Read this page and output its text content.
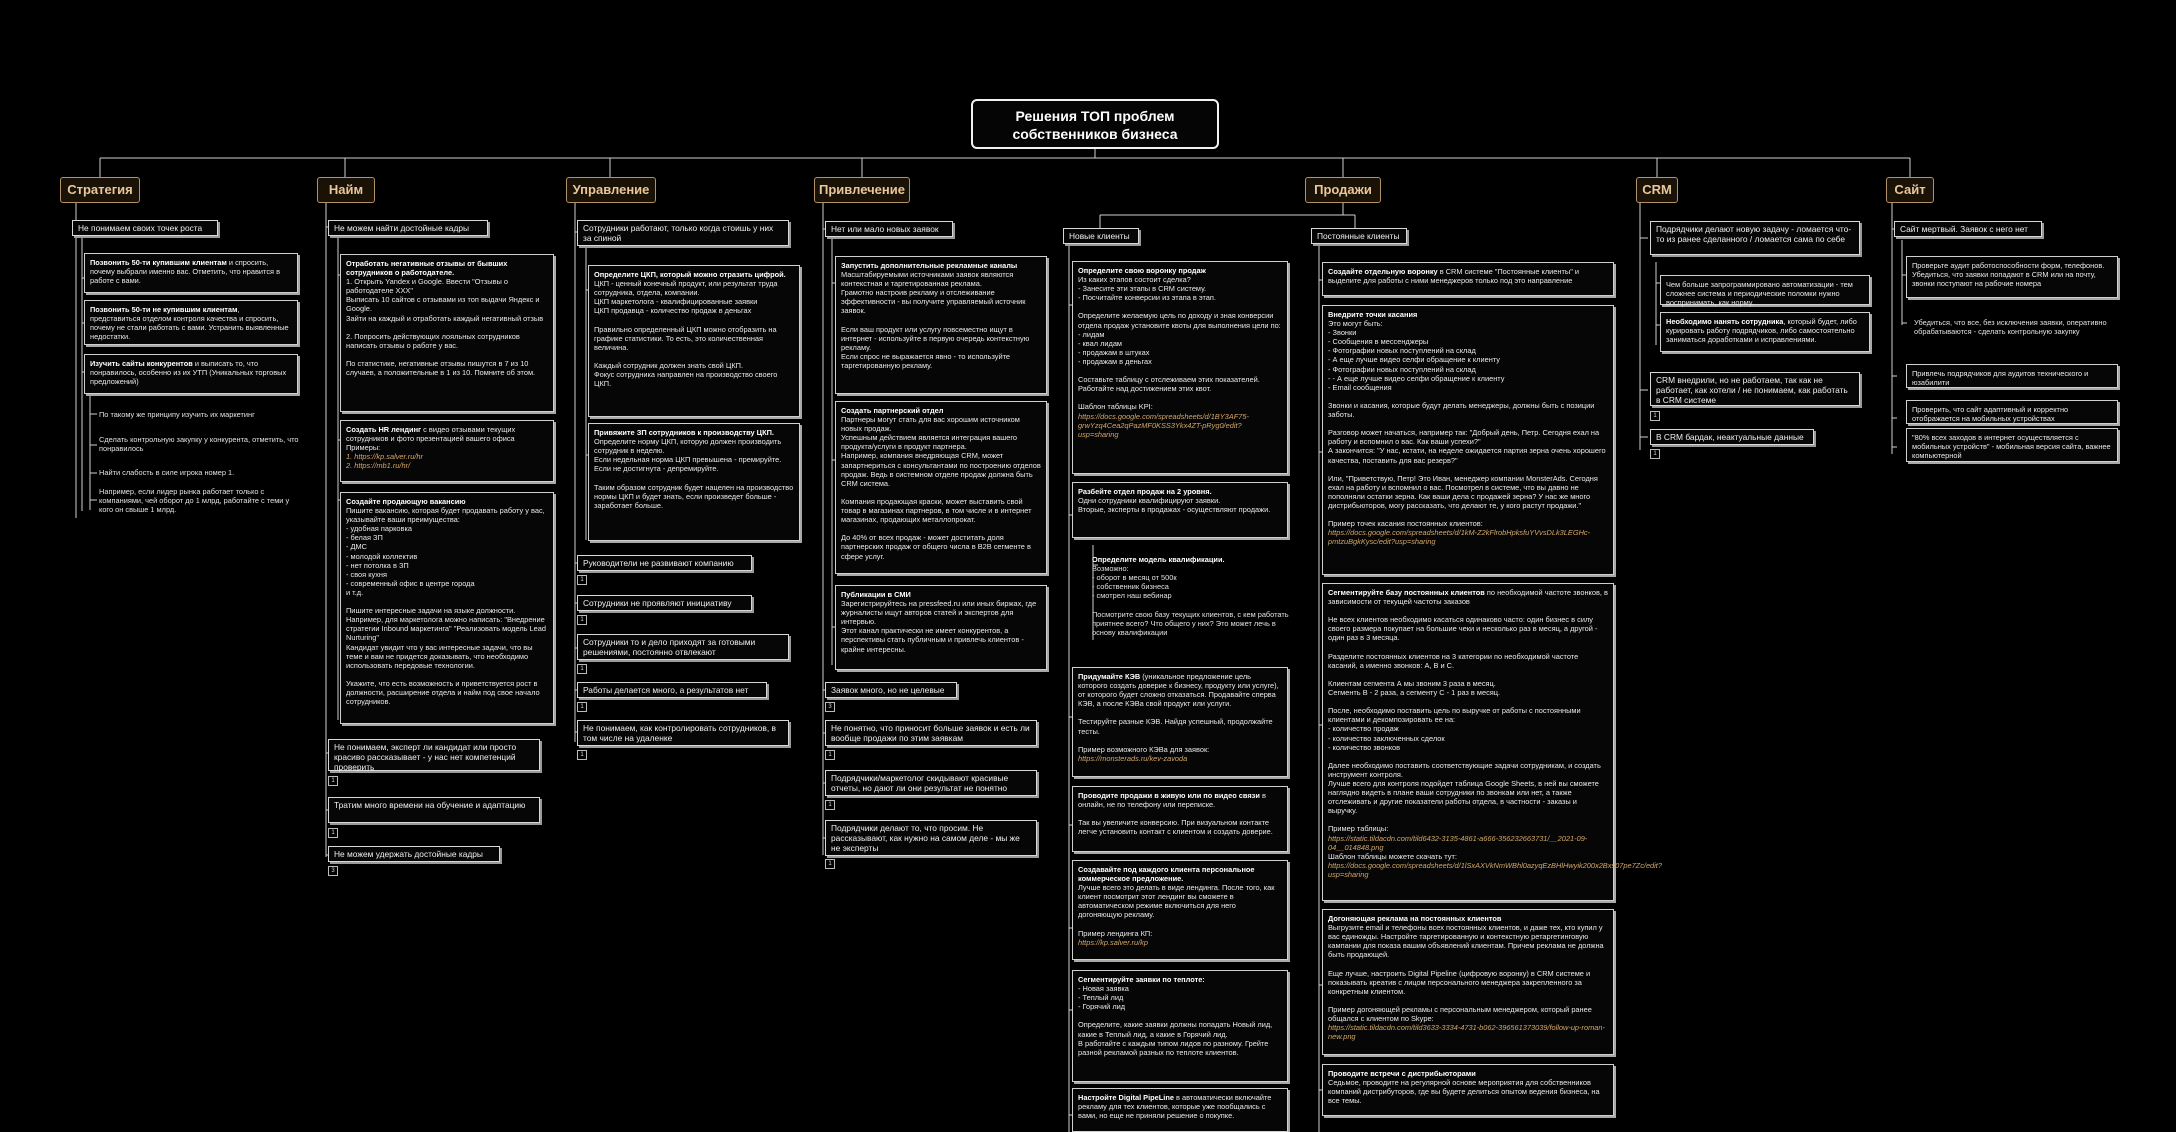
Решения ТОП проблем собственников бизнеса
Стратегия	Найм	Управление	Привлечение	Продажи	CRM	Сайт
Не понимаем своих точек роста
Позвонить 50-ти купившим клиентам и спросить, почему выбрали именно вас. Отметить, что нравится в работе с вами.
Позвонить 50-ти не купившим клиентам, представиться отделом контроля качества и спросить, почему не стали работать с вами. Устранить выявленные недостатки.
Изучить сайты конкурентов и выписать то, что понравилось, особенно из их УТП (Уникальных торговых предложений)
По такому же принципу изучить их маркетинг
Сделать контрольную закупку у конкурента, отметить, что понравилось
Найти слабость в силе игрока номер 1.
Например, если лидер рынка работает только с компаниями, чей оборот до 1 млрд, работайте с теми у кого он свыше 1 млрд.
Не можем найти достойные кадры
Отработать негативные отзывы от бывших сотрудников о работодателе.
1. Открыть Yandex и Google. Ввести "Отзывы о работодателе XXX"
Выписать 10 сайтов с отзывами из топ выдачи Яндекс и Google.
Зайти на каждый и отработать каждый негативный отзыв

2. Попросить действующих лояльных сотрудников написать отзывы о работе у вас.

По статистике, негативные отзывы пишутся в 7 из 10 случаев, а положительные в 1 из 10. Помните об этом.
Создать HR лендинг с видео отзывами текущих сотрудников и фото презентацией вашего офиса
Примеры:
1. https://kp.salver.ru/hr
2. https://mb1.ru/hr/
Создайте продающую вакансию
Пишите вакансию, которая будет продавать работу у вас, указывайте ваши преимущества:
- удобная парковка
- белая ЗП
- ДМС
- молодой коллектив
- нет потолка в ЗП
- своя кухня
- современный офис в центре города
и т.д.

Пишите интересные задачи на языке должности. Например, для маркетолога можно написать: "Внедрение стратегии Inbound маркетинга" "Реализовать модель Lead Nurturing"
Кандидат увидит что у вас интересные задачи, что вы теме и вам не придется доказывать, что необходимо использовать передовые технологии.

Укажите, что есть возможность и приветствуется рост в должности, расширение отдела и найм под свое начало сотрудников.
Не понимаем, эксперт ли кандидат или просто красиво рассказывает - у нас нет компетенций проверить
1
Тратим много времени на обучение и адаптацию
1
Не можем удержать достойные кадры
3
Сотрудники работают, только когда стоишь у них за спиной
Определите ЦКП, который можно отразить цифрой.
ЦКП - ценный конечный продукт, или результат труда сотрудника, отдела, компании.
ЦКП маркетолога - квалифицированные заявки
ЦКП продавца - количество продаж в деньгах

Правильно определенный ЦКП можно отобразить на графике статистики. То есть, это количественная величина.

Каждый сотрудник должен знать свой ЦКП.
Фокус сотрудника направлен на производство своего ЦКП.
Привяжите ЗП сотрудников к производству ЦКП.
Определите норму ЦКП, которую должен производить сотрудник в неделю.
Если недельная норма ЦКП превышена - премируйте.
Если не достигнута - депремируйте.

Таким образом сотрудник будет нацелен на производство нормы ЦКП и будет знать, если произведет больше - заработает больше.
Руководители не развивают компанию
1
Сотрудники не проявляют инициативу
1
Сотрудники то и дело приходят за готовыми решениями, постоянно отвлекают
1
Работы делается много, а результатов нет
1
Не понимаем, как контролировать сотрудников, в том числе на удаленке
1
Нет или мало новых заявок
Запустить дополнительные рекламные каналы
Масштабируемыми источниками заявок являются контекстная и таргетированная реклама.
Грамотно настроив рекламу и отслеживание эффективности - вы получите управляемый источник заявок.

Если ваш продукт или услугу повсеместно ищут в интернет - используйте в первую очередь контекстную рекламу.
Если спрос не выражается явно - то используйте таргетированную рекламу.
Создать партнерский отдел
Партнеры могут стать для вас хорошим источником новых продаж.
Успешным действием является интеграция вашего продукта/услуги в продукт партнера.
Например, компания внедряющая CRM, может запартнериться с консультантами по построению отделов продаж. Ведь в системном отделе продаж должна быть CRM система.

Компания продающая краски, может выставить свой товар в магазинах партнеров, в том числе и в интернет магазинах, продающих металлопрокат.

До 40% от всех продаж - может доститать доля партнерских продаж от общего числа в B2B сегменте в сфере услуг.
Публикации в СМИ
Зарегистрируйтесь на pressfeed.ru или иных биржах, где журналисты ищут авторов статей и экспертов для интервью.
Этот канал практически не имеет конкурентов, а перспективы стать публичным и привлечь клиентов - крайне интересны.
Заявок много, но не целевые
3
Не понятно, что приносит больше заявок и есть ли вообще продажи по этим заявкам
1
Подрядчики/маркетолог скидывают красивые отчеты, но дают ли они результат не понятно
1
Подрядчики делают то, что просим. Не рассказывают, как нужно на самом деле - мы же не эксперты
1
Новые клиенты
Определите свою воронку продаж
Из каких этапов состоит сделка?
- Занесите эти этапы в CRM систему.
- Посчитайте конверсии из этапа в этап.

Определите желаемую цель по доходу и зная конверсии отдела продаж установите квоты для выполнения цели по:
- лидам
- квал лидам
- продажам в штуках
- продажам в деньгах

Составьте таблицу с отслеживаем этих показателей. Работайте над достижением этих квот.

Шаблон таблицы KPI:
https://docs.google.com/spreadsheets/d/1BY3AF75-grwYzq4Cea2qPazMF0KSS3Ykx4ZT-pRyg0/edit?usp=sharing
Разбейте отдел продаж на 2 уровня.
Одни сотрудники квалифицируют заявки.
Вторые, эксперты в продажах - осуществляют продажи.
Определите модель квалификации.
Возможно:
- оборот в месяц от 500к
- собственник бизнеса
- смотрел наш вебинар

Посмотрите свою базу текущих клиентов, с кем работать приятнее всего? Что общего у них? Это может лечь в основу квалификации
Придумайте КЭВ (уникальное предложение цель которого создать доверие к бизнесу, продукту или услуге), от которого будет сложно отказаться. Продавайте сперва КЭВ, а после КЭВа свой продукт или услуги.

Тестируйте разные КЭВ. Найдя успешный, продолжайте тесты.

Пример возможного КЭВа для заявок:
https://monsterads.ru/kev-zavoda
Проводите продажи в живую или по видео связи в онлайн, не по телефону или переписке.

Так вы увеличите конверсию. При визуальном контакте легче установить контакт с клиентом и создать доверие.
Создавайте под каждого клиента персональное коммерческое предложение.
Лучше всего это делать в виде лендинга. После того, как клиент посмотрит этот лендинг вы сможете в автоматическом режиме включиться для него догоняющую рекламу.

Пример лендинга КП:
https://kp.salver.ru/kp
Сегментируйте заявки по теплоте:
- Новая заявка
- Теплый лид
- Горячий лид

Определите, какие заявки должны попадать Новый лид, какие в Теплый лид, а какие в Горячий лид.
В работайте с каждым типом лидов по разному. Грейте разной рекламой разных по теплоте клиентов.
Настройте Digital PipeLine в автоматически включайте рекламу для тех клиентов, которые уже пообщались с вами, но еще не приняли решение о покупке.
Постоянные клиенты
Создайте отдельную воронку в CRM системе "Постоянные клиенты" и выделите для работы с ними менеджеров только под это направление
Внедрите точки касания
Это могут быть:
- Звонки
- Сообщения в мессенджеры
- Фотографии новых поступлений на склад
- А еще лучше видео селфи обращение к клиенту
- Фотографии новых поступлений на склад
- - А еще лучше видео селфи обращение к клиенту
- Email сообщения

Звонки и касания, которые будут делать менеджеры, должны быть с позиции заботы.

Разговор может начаться, например так: "Добрый день, Петр. Сегодня ехал на работу и вспомнил о вас. Как ваши успехи?"
А закончится: "У нас, кстати, на неделе ожидается партия зерна очень хорошего качества, поставить для вас резерв?"

Или, "Приветствую, Петр! Это Иван, менеджер компании MonsterAds. Сегодня ехал на работу и вспомнил о вас. Посмотрел в системе, что вы давно не пополняли остатки зерна. Как ваши дела с продажей зерна? У нас же много дистрибьюторов, могу рассказать, что делают те, у кого растут продажи."

Пример точек касания постоянных клиентов:
https://docs.google.com/spreadsheets/d/1kM-Z2kFlrobHpksfuYVvsDLk3LEGHc-pmtzuBgkKysc/edit?usp=sharing
Сегментируйте базу постоянных клиентов по необходимой частоте звонков, в зависимости от текущей частоты заказов

Не всех клиентов необходимо касаться одинаково часто: один бизнес в силу своего размера покупает на большие чеки и несколько раз в месяц, а другой - один раз в 3 месяца.

Разделите постоянных клиентов на 3 категории по необходимой частоте касаний, а именно звонков: A, B и C.

Клиентам сегмента А мы звоним 3 раза в месяц.
Сегменть В - 2 раза, а сегменту С - 1 раз в месяц.

После, необходимо поставить цель по выручке от работы с постоянными клиентами и декомпозировать ее на:
- количество продаж
- количество заключенных сделок
- количество звонков

Далее необходимо поставить соответствующие задачи сотрудникам, и создать инструмент контроля.
Лучше всего для контроля подойдет таблица Google Sheets, в ней вы сможете наглядно видеть в плане ваши сотрудники по звонкам или нет, а также отслеживать и другие показатели работы отдела, в частности - заказы и выручку.

Пример таблицы:
https://static.tildacdn.com/tild6432-3135-4861-a666-356232663731/__2021-09-04__014848.png
Шаблон таблицы можете скачать тут:
https://docs.google.com/spreadsheets/d/1lSxAXVkNmWBhl0azyqEzBHlHwyik200x2Bxs07pe7Zc/edit?usp=sharing
Догоняющая реклама на постоянных клиентов
Выгрузите email и телефоны всех постоянных клиентов, и даже тех, кто купил у вас единожды. Настройте таргетированную и контекстную ретаргетинговую кампании для показа вашим объявлений клиентам. Причем реклама не должна быть продающей.

Еще лучше, настроить Digital Pipeline (цифровую воронку) в CRM системе и показывать креатив с лицом персонального менеджера закрепленного за конкретным клиентом.

Пример догоняющей рекламы с персональным менеджером, который ранее общался с клиентом по Skype:
https://static.tildacdn.com/tild3633-3334-4731-b062-396561373039/follow-up-roman-new.png
Проводите встречи с дистрибьюторами
Седьмое, проводите на регулярной основе мероприятия для собственников компаний дистрибуторов, где вы будете делиться опытом ведения бизнеса, на все темы.
Подрядчики делают новую задачу - ломается что-то из ранее сделанного / ломается сама по себе
Чем больше запрограммировано автоматизации - тем сложнее система и периодические поломки нужно воспринимать, как норму.
Необходимо нанять сотрудника, который будет, либо курировать работу подрядчиков, либо самостоятельно заниматься доработками и исправлениями.
CRM внедрили, но не работаем, так как не работает, как хотели / не понимаем, как работать в CRM системе
1
В CRM бардак, неактуальные данные
1
Сайт мертвый. Заявок с него нет
Проверьте аудит работоспособности форм, телефонов. Убедиться, что заявки попадают в CRM или на почту, звонки поступают на рабочие номера
Убедиться, что все, без исключения заявки, оперативно обрабатываются - сделать контрольную закупку
Привлечь подрядчиков для аудитов технического и юзабилити
Проверить, что сайт адаптивный и корректно отображается на мобильных устройствах
"80% всех заходов в интернет осуществляется с мобильных устройств" - мобильная версия сайта, важнее компьютерной
